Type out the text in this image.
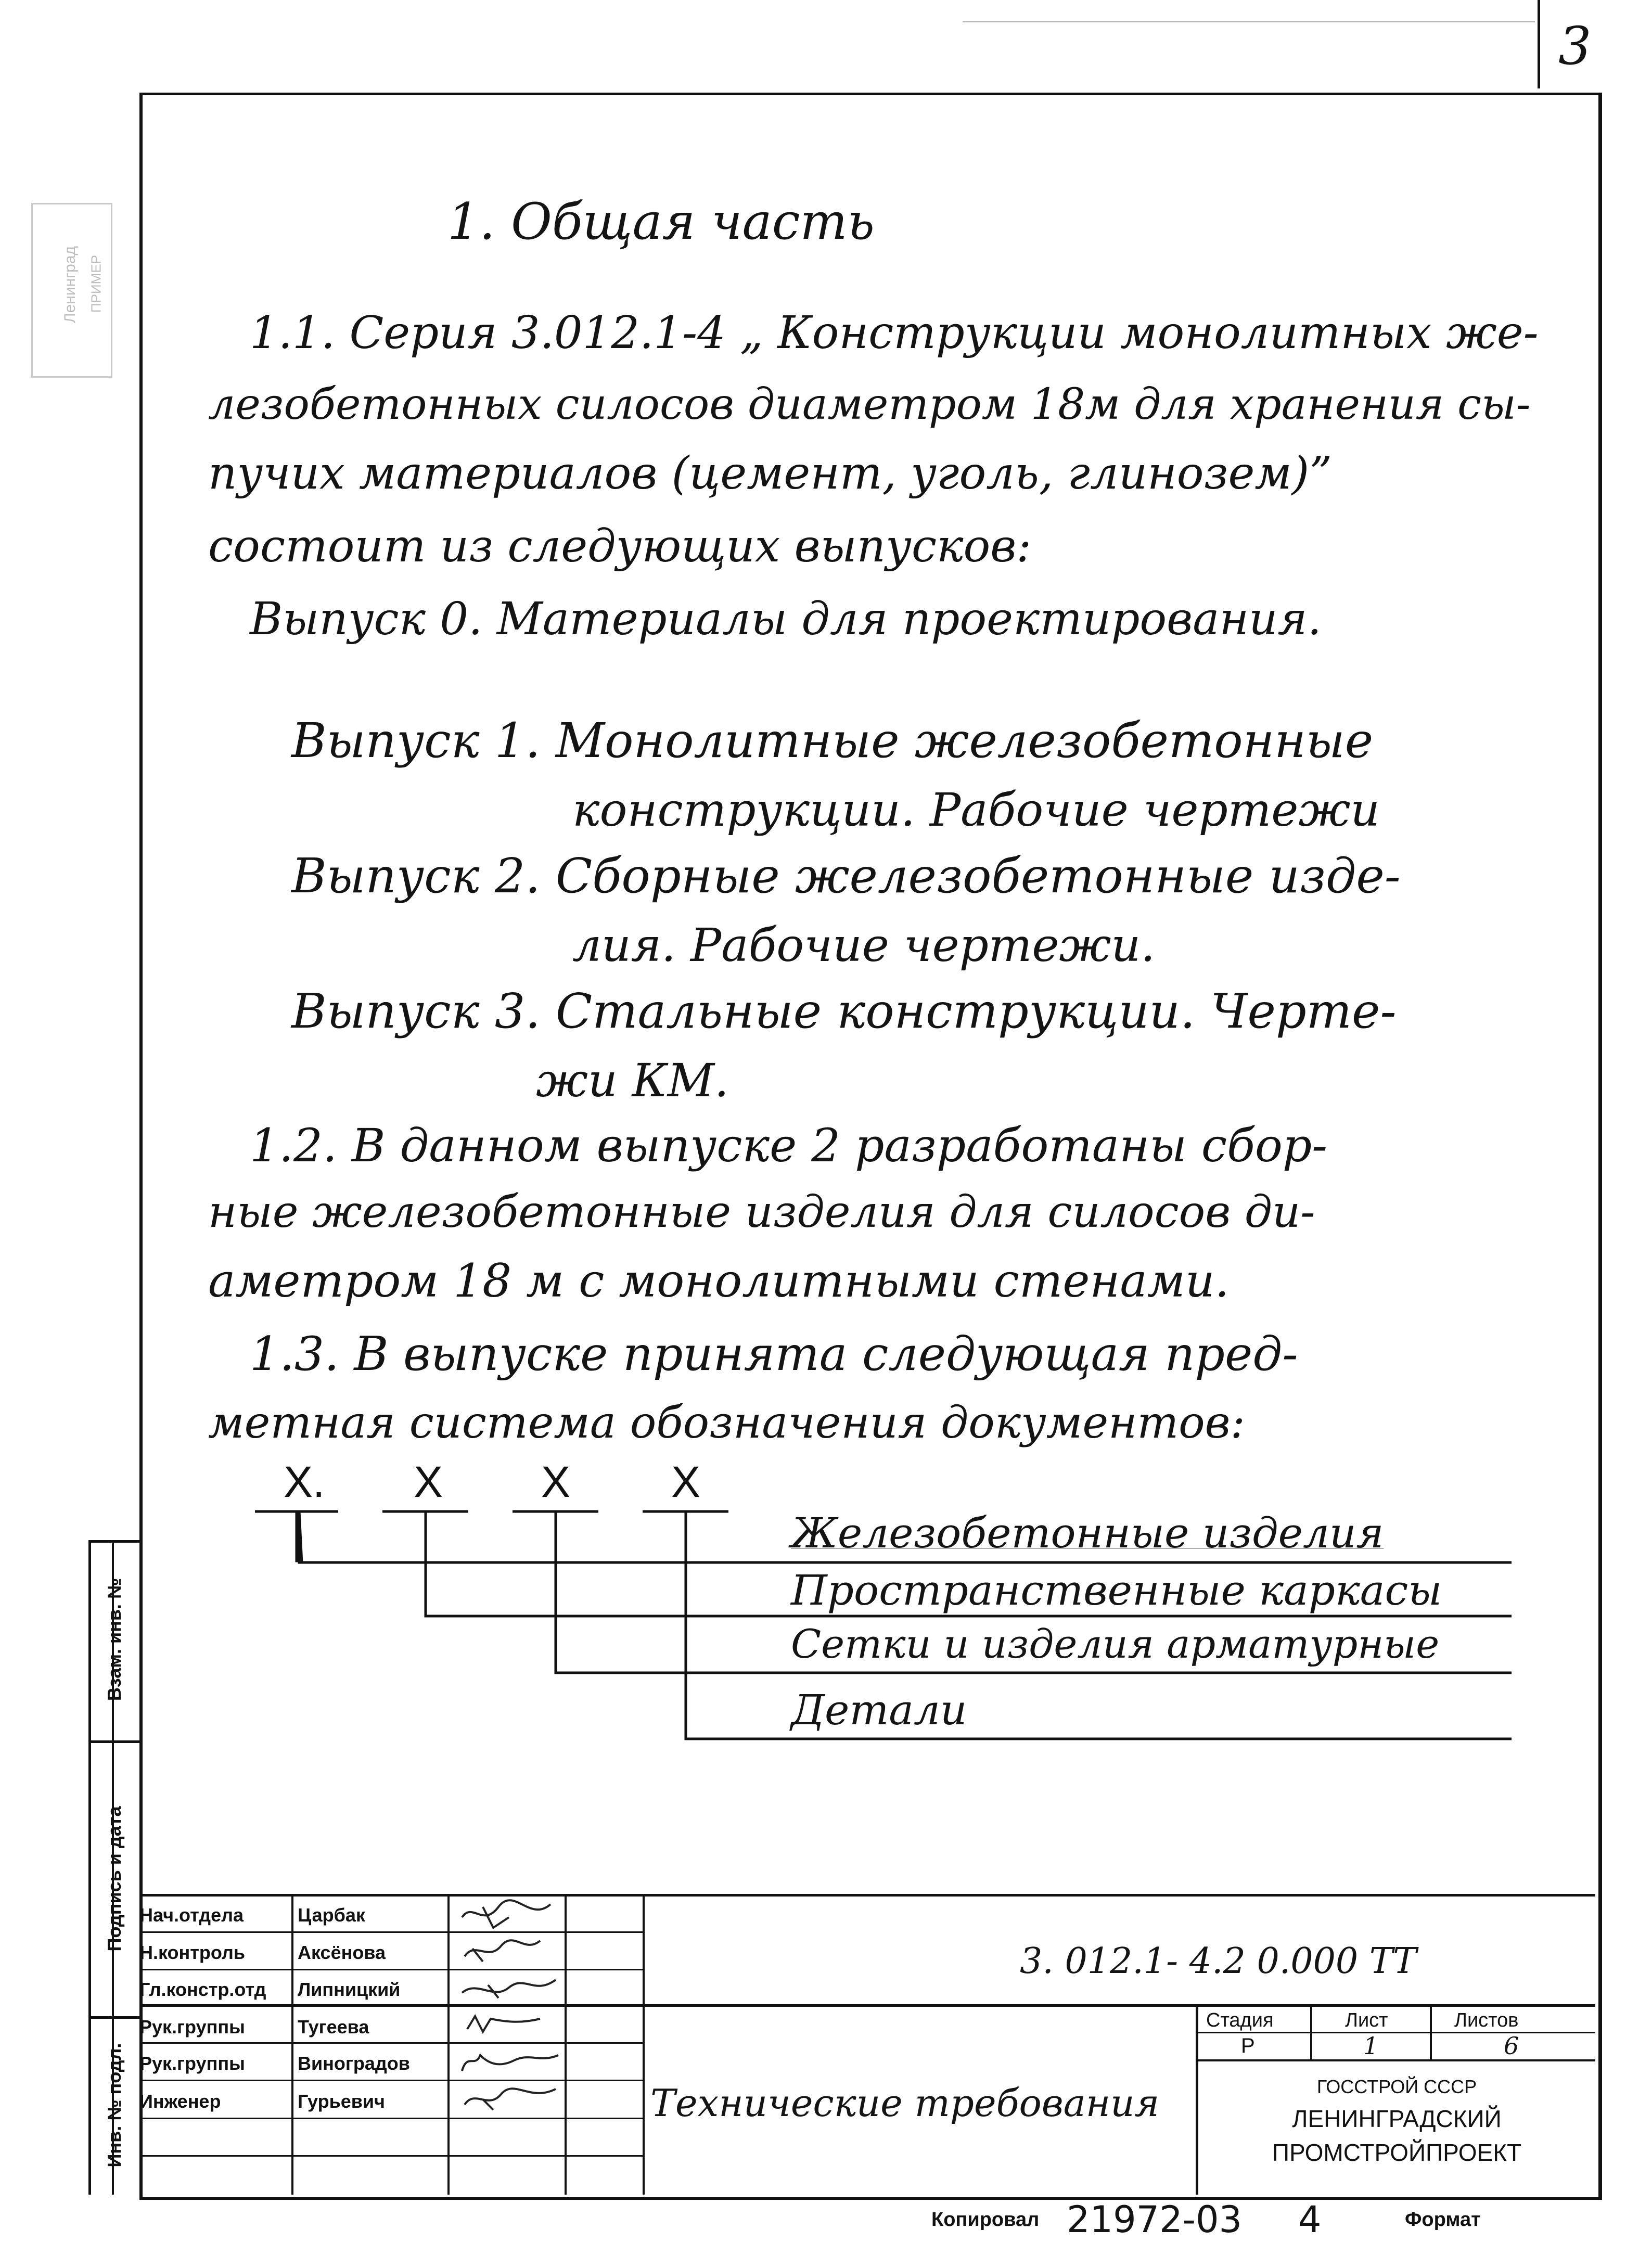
3
Ленинград ПРИМЕР
1. Общая часть
1.1. Серия 3.012.1-4 „ Конструкции монолитных же-
лезобетонных силосов диаметром 18м для хранения сы-
пучих материалов (цемент, уголь, глинозем)”
состоит из следующих выпусков:
Выпуск 0. Материалы для проектирования.
Выпуск 1. Монолитные железобетонные
конструкции. Рабочие чертежи
Выпуск 2. Сборные железобетонные изде-
лия. Рабочие чертежи.
Выпуск 3. Стальные конструкции. Черте-
жи КМ.
1.2. В данном выпуске 2 разработаны сбор-
ные железобетонные изделия для силосов ди-
аметром 18 м с монолитными стенами.
1.3. В выпуске принята следующая пред-
метная система обозначения документов:
X. X X X
Железобетонные изделия
Пространственные каркасы
Сетки и изделия арматурные
Детали
Взам. инв. №
Подпись и дата
Инв. № подл.
Нач.отдела	Царбак
Н.контроль	Аксёнова
Гл.констр.отд Липницкий
Рук.группы	Тугеева
Рук.группы	Виноградов
Инженер	Гурьевич
3. 012.1- 4.2 0.000 ТТ
Технические требования
Стадия	Лист	Листов
Р	1	6
ГОССТРОЙ СССР
ЛЕНИНГРАДСКИЙ
ПРОМСТРОЙПРОЕКТ
Копировал 21972-03 4	Формат
